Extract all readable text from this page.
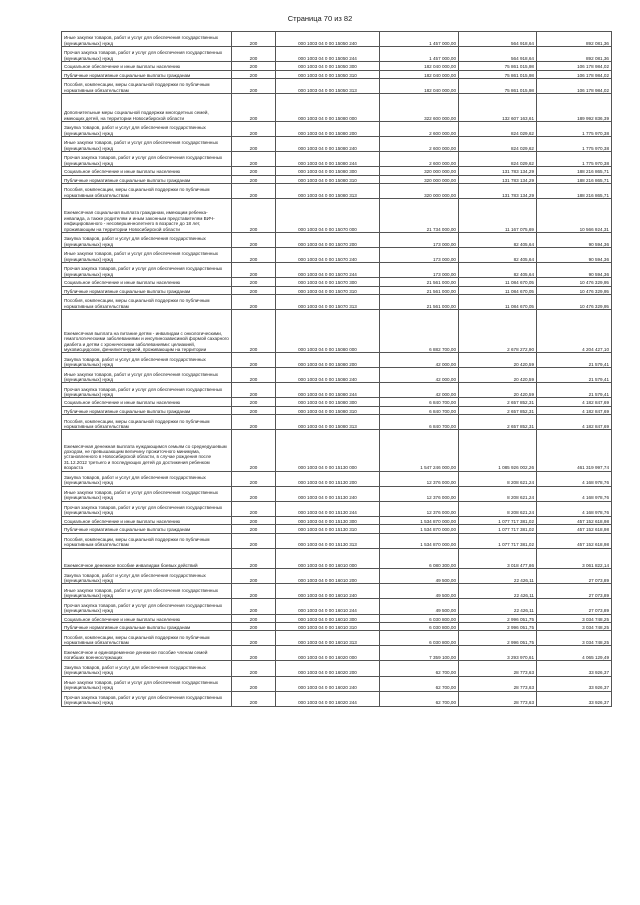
Страница 70 из 82
Иные закупки товаров, работ и услуг для обеспечения государственных (муниципальных) нужд	200	000 1003 04 0 00 15050 240	1 457 000,00	564 918,64	892 081,36
Прочая закупка товаров, работ и услуг для обеспечения государственных (муниципальных) нужд	200	000 1003 04 0 00 15050 244	1 457 000,00	564 918,64	892 081,36
Социальное обеспечение и иные выплаты населению	200	000 1003 04 0 00 15050 300	182 040 000,00	75 861 015,98	106 178 984,02
Публичные нормативные социальные выплаты гражданам	200	000 1003 04 0 00 15050 310	182 040 000,00	75 861 015,98	106 178 984,02
Пособия, компенсации, меры социальной поддержки по публичным нормативным обязательствам	200	000 1003 04 0 00 15050 313	182 040 000,00	75 861 015,98	106 178 984,02
Дополнительные меры социальной поддержки многодетных семей, имеющих детей, на территории Новосибирской области	200	000 1003 04 0 00 15080 000	322 600 000,00	132 607 163,61	189 992 836,39
Закупка товаров, работ и услуг для обеспечения государственных (муниципальных) нужд	200	000 1003 04 0 00 15080 200	2 600 000,00	824 029,62	1 775 970,38
Иные закупки товаров, работ и услуг для обеспечения государственных (муниципальных) нужд	200	000 1003 04 0 00 15080 240	2 600 000,00	824 029,62	1 775 970,38
Прочая закупка товаров, работ и услуг для обеспечения государственных (муниципальных) нужд	200	000 1003 04 0 00 15080 244	2 600 000,00	824 029,62	1 775 970,38
Социальное обеспечение и иные выплаты населению	200	000 1003 04 0 00 15080 300	320 000 000,00	131 783 134,29	188 216 865,71
Публичные нормативные социальные выплаты гражданам	200	000 1003 04 0 00 15080 310	320 000 000,00	131 783 134,29	188 216 865,71
Пособия, компенсации, меры социальной поддержки по публичным нормативным обязательствам	200	000 1003 04 0 00 15080 313	320 000 000,00	131 783 134,29	188 216 865,71
Ежемесячная социальная выплата гражданам, имеющим ребенка-инвалида, а также родителям и иным законным представителям ВИЧ-инфицированного - несовершеннолетнего в возрасте до 18 лет, проживающим на территории Новосибирской области	200	000 1003 04 0 00 15070 000	21 734 000,00	11 167 075,69	10 566 924,31
Закупка товаров, работ и услуг для обеспечения государственных (муниципальных) нужд	200	000 1003 04 0 00 15070 200	173 000,00	82 405,64	90 594,36
Иные закупки товаров, работ и услуг для обеспечения государственных (муниципальных) нужд	200	000 1003 04 0 00 15070 240	173 000,00	82 405,64	90 594,36
Прочая закупка товаров, работ и услуг для обеспечения государственных (муниципальных) нужд	200	000 1003 04 0 00 15070 244	173 000,00	82 405,64	90 594,36
Социальное обеспечение и иные выплаты населению	200	000 1003 04 0 00 15070 300	21 561 000,00	11 084 670,05	10 476 329,95
Публичные нормативные социальные выплаты гражданам	200	000 1003 04 0 00 15070 310	21 561 000,00	11 084 670,05	10 476 329,95
Пособия, компенсации, меры социальной поддержки по публичным нормативным обязательствам	200	000 1003 04 0 00 15070 313	21 561 000,00	11 084 670,05	10 476 329,95
Ежемесячная выплата на питание детям - инвалидам с онкологическими, гематологическими заболеваниями и инсулинозависимой формой сахарного диабета и детям с хроническими заболеваниями: целиакией, муковисцидозом, фенилкетонурией, проживающим на территории	200	000 1003 04 0 00 15080 000	6 882 700,00	2 678 272,90	4 204 427,10
Закупка товаров, работ и услуг для обеспечения государственных (муниципальных) нужд	200	000 1003 04 0 00 15080 200	42 000,00	20 420,59	21 579,41
Иные закупки товаров, работ и услуг для обеспечения государственных (муниципальных) нужд	200	000 1003 04 0 00 15080 240	42 000,00	20 420,59	21 579,41
Прочая закупка товаров, работ и услуг для обеспечения государственных (муниципальных) нужд	200	000 1003 04 0 00 15080 244	42 000,00	20 420,59	21 579,41
Социальное обеспечение и иные выплаты населению	200	000 1003 04 0 00 15080 300	6 840 700,00	2 657 852,31	4 182 847,69
Публичные нормативные социальные выплаты гражданам	200	000 1003 04 0 00 15080 310	6 840 700,00	2 657 852,31	4 182 847,69
Пособия, компенсации, меры социальной поддержки по публичным нормативным обязательствам	200	000 1003 04 0 00 15080 313	6 840 700,00	2 657 852,31	4 182 847,69
Ежемесячная денежная выплата нуждающимся семьям со среднедушевым доходом, не превышающим величину прожиточного минимума, установленного в Новосибирской области, в случае рождения после 31.12.2012 третьего и последующих детей до достижения ребенком возраста	200	000 1003 04 0 00 15130 000	1 547 246 000,00	1 085 926 002,26	461 319 997,74
Закупка товаров, работ и услуг для обеспечения государственных (муниципальных) нужд	200	000 1003 04 0 00 15130 200	12 376 000,00	8 208 621,24	4 168 978,76
Иные закупки товаров, работ и услуг для обеспечения государственных (муниципальных) нужд	200	000 1003 04 0 00 15130 240	12 376 000,00	8 208 621,24	4 168 978,76
Прочая закупка товаров, работ и услуг для обеспечения государственных (муниципальных) нужд	200	000 1003 04 0 00 15130 244	12 376 000,00	8 208 621,24	4 168 978,76
Социальное обеспечение и иные выплаты населению	200	000 1003 04 0 00 15130 300	1 534 870 000,00	1 077 717 381,02	457 152 618,98
Публичные нормативные социальные выплаты гражданам	200	000 1003 04 0 00 15130 310	1 534 870 000,00	1 077 717 381,02	457 152 618,98
Пособия, компенсации, меры социальной поддержки по публичным нормативным обязательствам	200	000 1003 04 0 00 15130 313	1 534 870 000,00	1 077 717 381,02	457 152 618,98
Ежемесячное денежное пособие инвалидам боевых действий	200	000 1003 04 0 00 16010 000	6 080 300,00	3 018 477,86	3 061 822,14
Закупка товаров, работ и услуг для обеспечения государственных (муниципальных) нужд	200	000 1003 04 0 00 16010 200	49 500,00	22 426,11	27 073,89
Иные закупки товаров, работ и услуг для обеспечения государственных (муниципальных) нужд	200	000 1003 04 0 00 16010 240	49 500,00	22 426,11	27 073,89
Прочая закупка товаров, работ и услуг для обеспечения государственных (муниципальных) нужд	200	000 1003 04 0 00 16010 244	49 500,00	22 426,11	27 073,89
Социальное обеспечение и иные выплаты населению	200	000 1003 04 0 00 16010 300	6 030 800,00	2 996 051,75	3 034 748,25
Публичные нормативные социальные выплаты гражданам	200	000 1003 04 0 00 16010 310	6 030 800,00	2 996 051,75	3 034 748,25
Пособия, компенсации, меры социальной поддержки по публичным нормативным обязательствам	200	000 1003 04 0 00 16010 313	6 030 800,00	2 996 051,75	3 034 748,25
Ежемесячное и единовременное денежное пособие членам семей погибших военнослужащих	200	000 1003 04 0 00 16020 000	7 359 100,00	3 293 970,61	4 065 129,49
Закупка товаров, работ и услуг для обеспечения государственных (муниципальных) нужд	200	000 1003 04 0 00 16020 200	62 700,00	28 773,63	33 926,37
Иные закупки товаров, работ и услуг для обеспечения государственных (муниципальных) нужд	200	000 1003 04 0 00 16020 240	62 700,00	28 773,63	33 926,37
Прочая закупка товаров, работ и услуг для обеспечения государственных (муниципальных) нужд	200	000 1003 04 0 00 16020 244	62 700,00	28 773,63	33 926,37
